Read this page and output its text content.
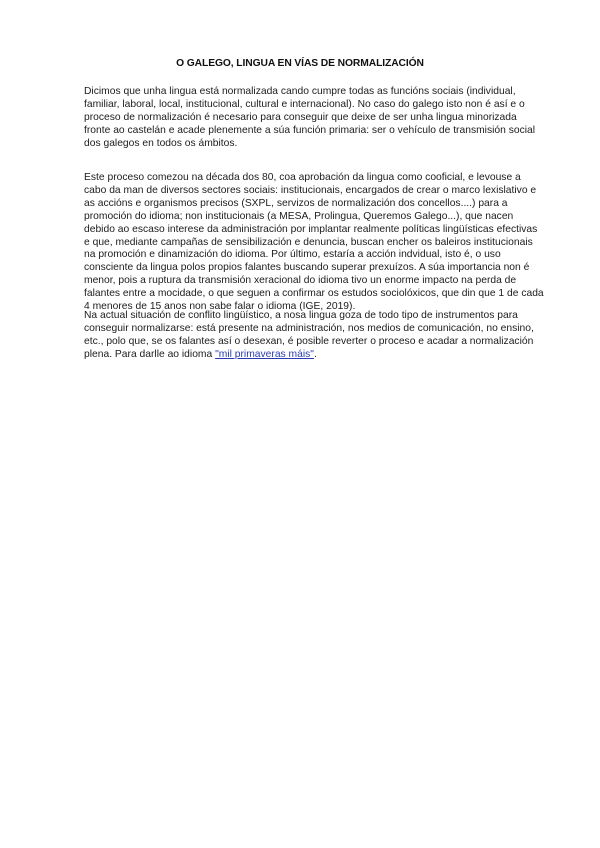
O GALEGO, LINGUA EN VÍAS DE NORMALIZACIÓN

Dicimos que unha lingua está normalizada cando cumpre todas as funcións sociais (individual, familiar, laboral, local, institucional, cultural e internacional). No caso do galego isto non é así e o proceso de normalización é necesario para conseguir que deixe de ser unha lingua minorizada fronte ao castelán e acade plenemente a súa función primaria: ser o vehículo de transmisión social dos galegos en todos os ámbitos.

Este proceso comezou na década dos 80, coa aprobación da lingua como cooficial, e levouse a cabo da man de diversos sectores sociais: institucionais, encargados de crear o marco lexislativo e as accións e organismos precisos (SXPL, servizos de normalización dos concellos....) para a promoción do idioma; non institucionais (a MESA, Prolingua, Queremos Galego...), que nacen debido ao escaso interese da administración por implantar realmente políticas lingüísticas efectivas e que, mediante campañas de sensibilización e denuncia, buscan encher os baleiros institucionais na promoción e dinamización do idioma. Por último, estaría a acción indvidual, isto é, o uso consciente da lingua polos propios falantes buscando superar prexuízos. A súa importancia non é menor, pois a ruptura da transmisión xeracional do idioma tivo un enorme impacto na perda de falantes entre a mocidade, o que seguen a confirmar os estudos sociolóxicos, que din que 1 de cada 4 menores de 15 anos non sabe falar o idioma (IGE, 2019).

Na actual situación de conflito lingüístico, a nosa lingua goza de todo tipo de instrumentos para conseguir normalizarse: está presente na administración, nos medios de comunicación, no ensino, etc., polo que, se os falantes así o desexan, é posible reverter o proceso e acadar a normalización plena. Para darlle ao idioma "mil primaveras máis".
